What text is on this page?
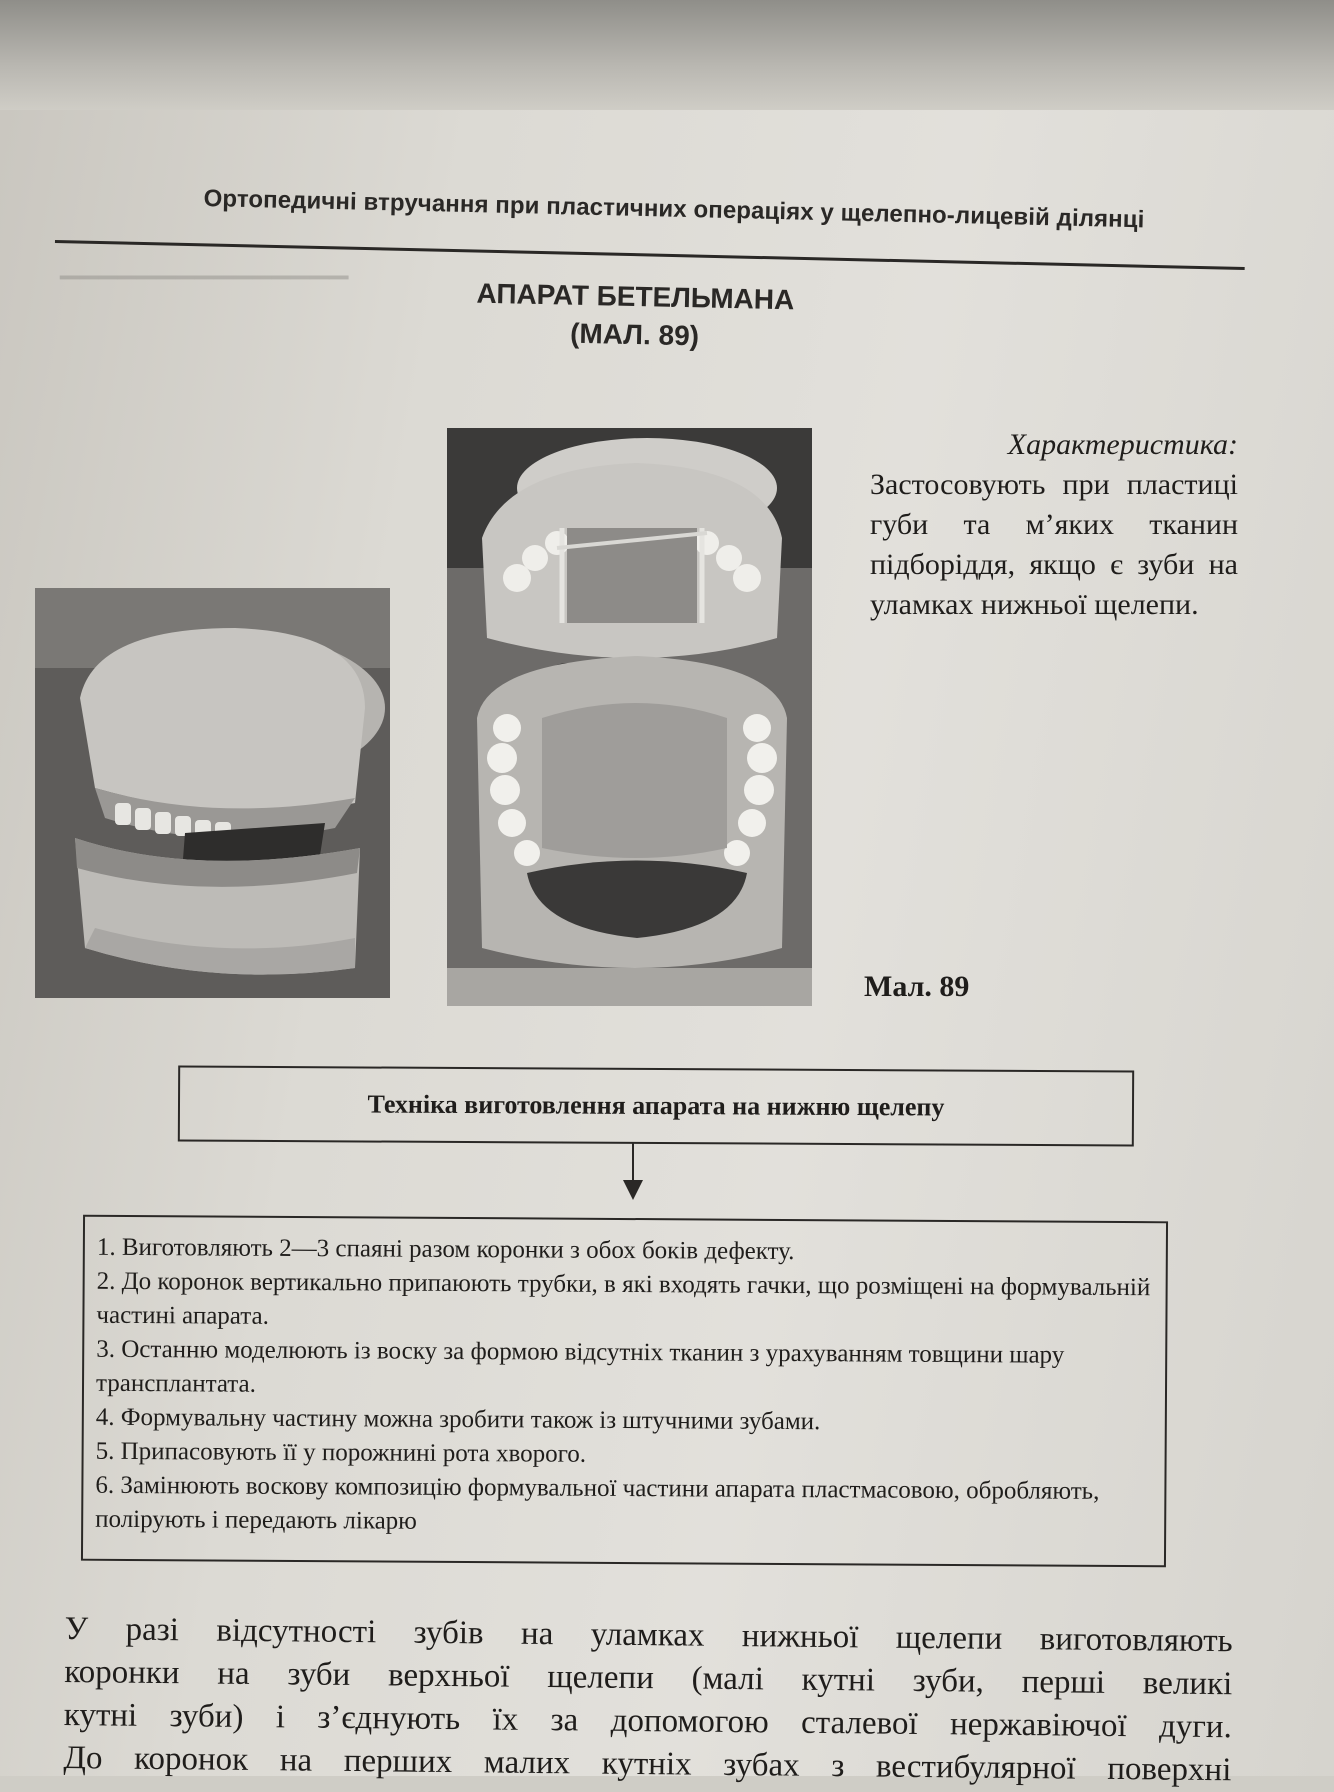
▁▁▁▁▁▁▁▁▁▁▁▁▁▁▁
Ортопедичні втручання при пластичних операціях у щелепно-лицевій ділянці
АПАРАТ БЕТЕЛЬМАНА
(МАЛ. 89)
Характеристика:
Застосовують при пластиці губи та м’яких тканин підборіддя, якщо є зуби на уламках нижньої щелепи.
Мал. 89
Техніка виготовлення апарата на нижню щелепу

1. Виготовляють 2—3 спаяні разом коронки з обох боків дефекту.

2. До коронок вертикально припаюють трубки, в які входять гачки, що розміщені на формувальній частині апарата.

3. Останню моделюють із воску за формою відсутніх тканин з урахуванням товщини шару трансплантата.

4. Формувальну частину можна зробити також із штучними зубами.

5. Припасовують її у порожнині рота хворого.

6. Замінюють воскову композицію формувальної частини апарата пластмасовою, обробляють, полірують і передають лікарю

У разі відсутності зубів на уламках нижньої щелепи виготовляють
коронки на зуби верхньої щелепи (малі кутні зуби, перші великі
кутні зуби) і з’єднують їх за допомогою сталевої нержавіючої дуги.
До коронок на перших малих кутніх зубах з вестибулярної поверхні
